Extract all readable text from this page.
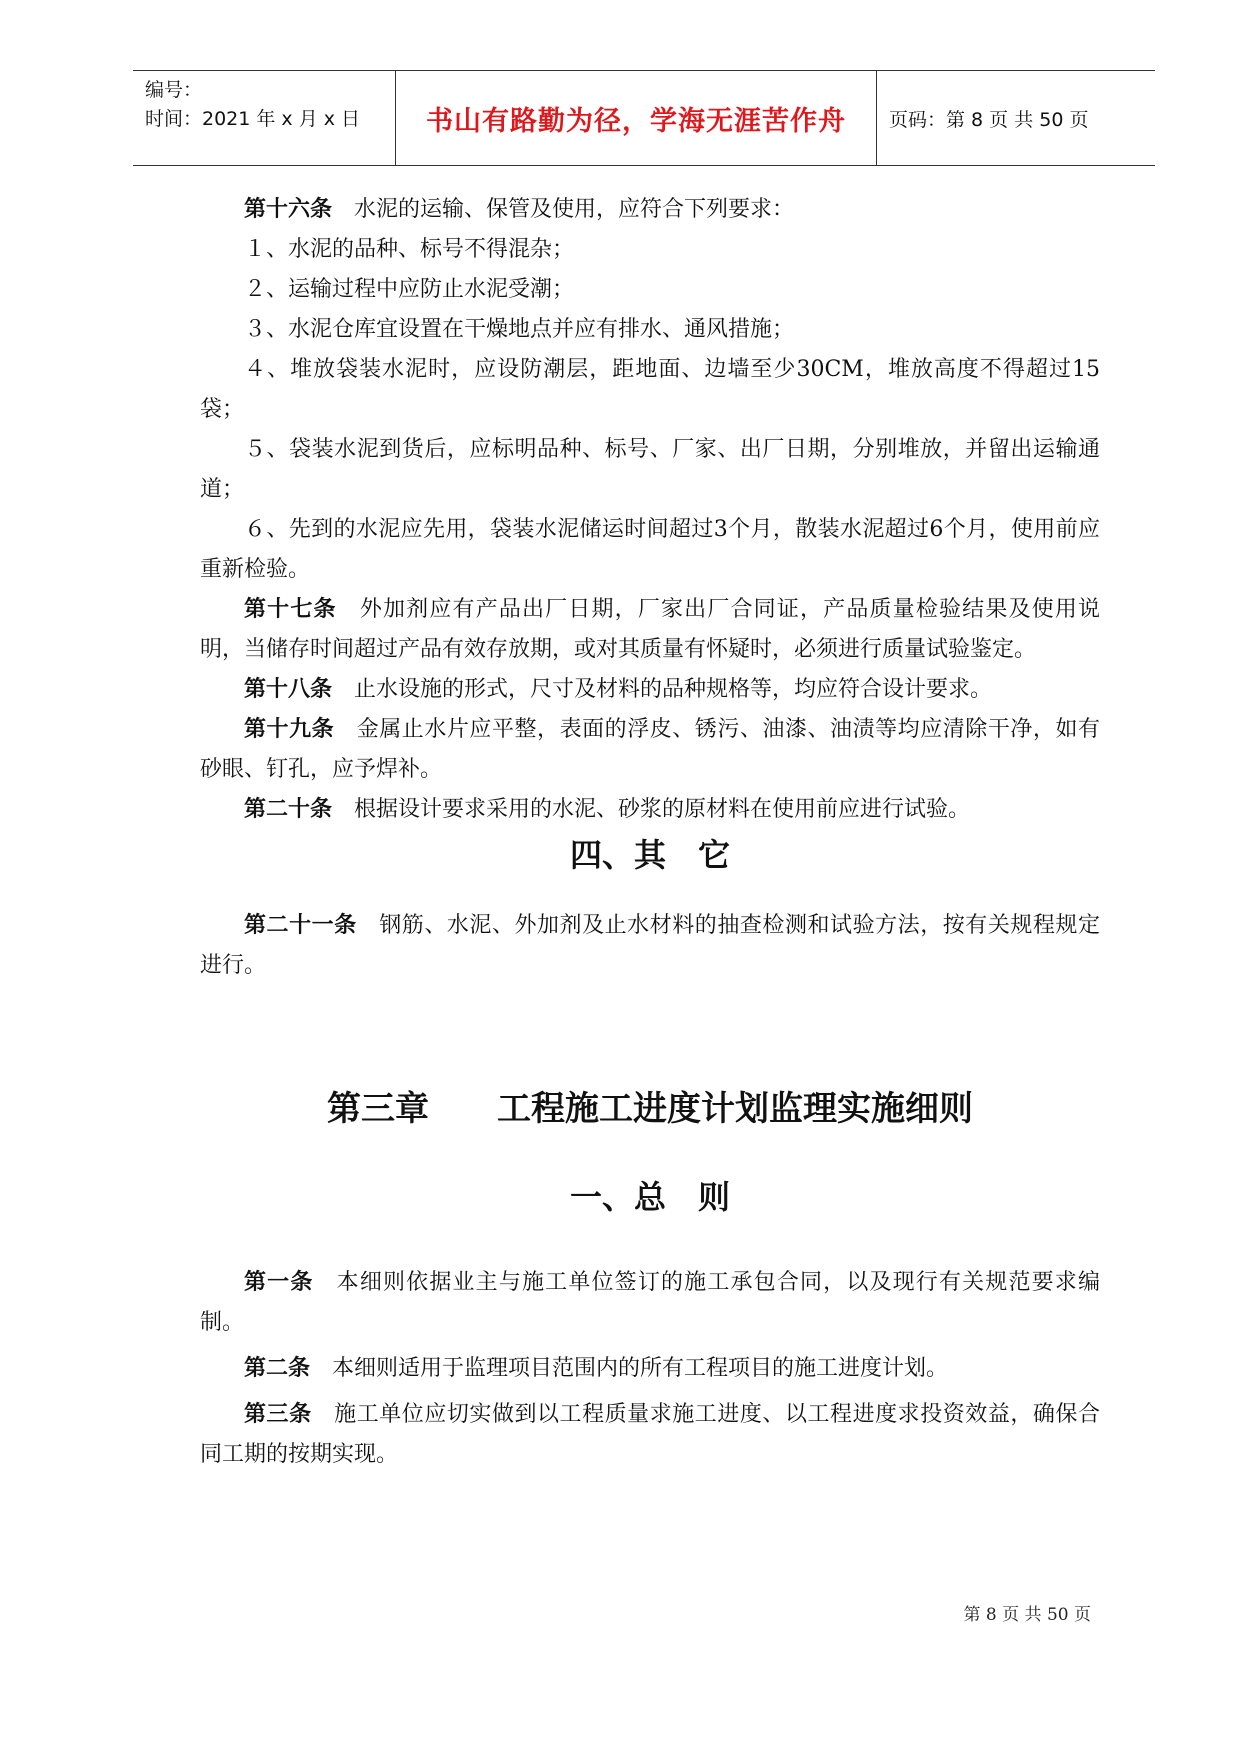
编号：
时间：2021 年 x 月 x 日 书山有路勤为径，学海无涯苦作舟	页码：第 8 页 共 50 页

第十六条 水泥的运输、保管及使用，应符合下列要求：

１、水泥的品种、标号不得混杂；

２、运输过程中应防止水泥受潮；

３、水泥仓库宜设置在干燥地点并应有排水、通风措施；

４、堆放袋装水泥时，应设防潮层，距地面、边墙至少30CM，堆放高度不得超过15袋；

５、袋装水泥到货后，应标明品种、标号、厂家、出厂日期，分别堆放，并留出运输通道；

６、先到的水泥应先用，袋装水泥储运时间超过3个月，散装水泥超过6个月，使用前应重新检验。

第十七条 外加剂应有产品出厂日期，厂家出厂合同证，产品质量检验结果及使用说明，当储存时间超过产品有效存放期，或对其质量有怀疑时，必须进行质量试验鉴定。

第十八条 止水设施的形式，尺寸及材料的品种规格等，均应符合设计要求。

第十九条 金属止水片应平整，表面的浮皮、锈污、油漆、油渍等均应清除干净，如有砂眼、钉孔，应予焊补。

第二十条 根据设计要求采用的水泥、砂浆的原材料在使用前应进行试验。

四、其　它

第二十一条 钢筋、水泥、外加剂及止水材料的抽查检测和试验方法，按有关规程规定进行。

第三章　　工程施工进度计划监理实施细则
一、总　则

第一条 本细则依据业主与施工单位签订的施工承包合同，以及现行有关规范要求编制。

第二条 本细则适用于监理项目范围内的所有工程项目的施工进度计划。

第三条 施工单位应切实做到以工程质量求施工进度、以工程进度求投资效益，确保合同工期的按期实现。

第 8 页 共 50 页
